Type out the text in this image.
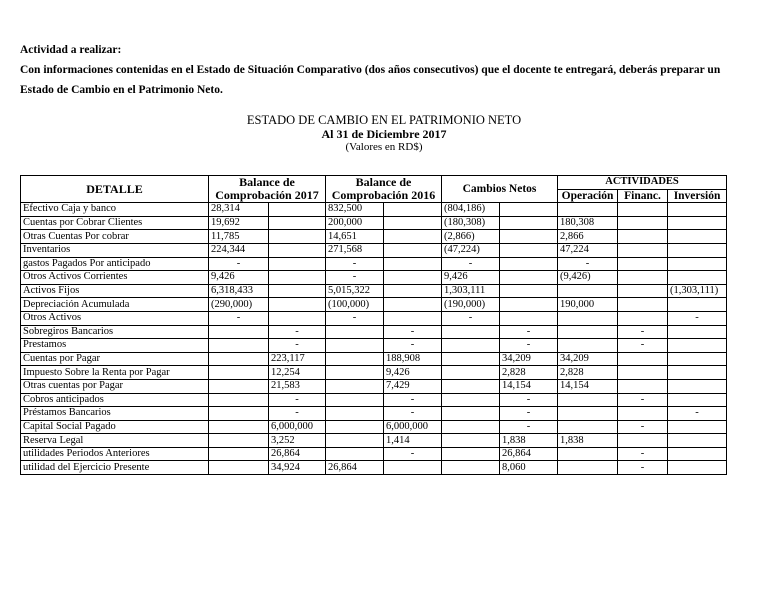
Actividad a realizar:

Con informaciones contenidas en el Estado de Situación Comparativo (dos años consecutivos) que el docente te entregará, deberás preparar un

Estado de Cambio en el Patrimonio Neto.

ESTADO DE CAMBIO EN EL PATRIMONIO NETO
Al 31 de Diciembre 2017
(Valores en RD$)
DETALLE	Balance de Comprobación 2017		Balance de Comprobación 2016		Cambios Netos		ACTIVIDADES		
							Operación	Financ.	Inversión
Efectivo Caja y banco	28,314		832,500		(804,186)				
Cuentas por Cobrar Clientes	19,692		200,000		(180,308)		180,308		
Otras Cuentas Por cobrar	11,785		14,651		(2,866)		2,866		
Inventarios	224,344		271,568		(47,224)		47,224		
gastos Pagados Por anticipado	-		-		-		-		
Otros Activos Corrientes	9,426		-		9,426		(9,426)		
Activos Fijos	6,318,433		5,015,322		1,303,111				(1,303,111)
Depreciación Acumulada	(290,000)		(100,000)		(190,000)		190,000		
Otros Activos	-		-		-				-
Sobregiros Bancarios		-		-		-		-	
Prestamos		-		-		-		-	
Cuentas por Pagar		223,117		188,908		34,209	34,209		
Impuesto Sobre la Renta por Pagar		12,254		9,426		2,828	2,828		
Otras cuentas por Pagar		21,583		7,429		14,154	14,154		
Cobros anticipados		-		-		-		-	
Préstamos Bancarios		-		-		-			-
Capital Social Pagado		6,000,000		6,000,000		-		-	
Reserva Legal		3,252		1,414		1,838	1,838		
utilidades Periodos Anteriores		26,864		-		26,864		-	
utilidad del Ejercicio Presente		34,924	26,864			8,060		-	
